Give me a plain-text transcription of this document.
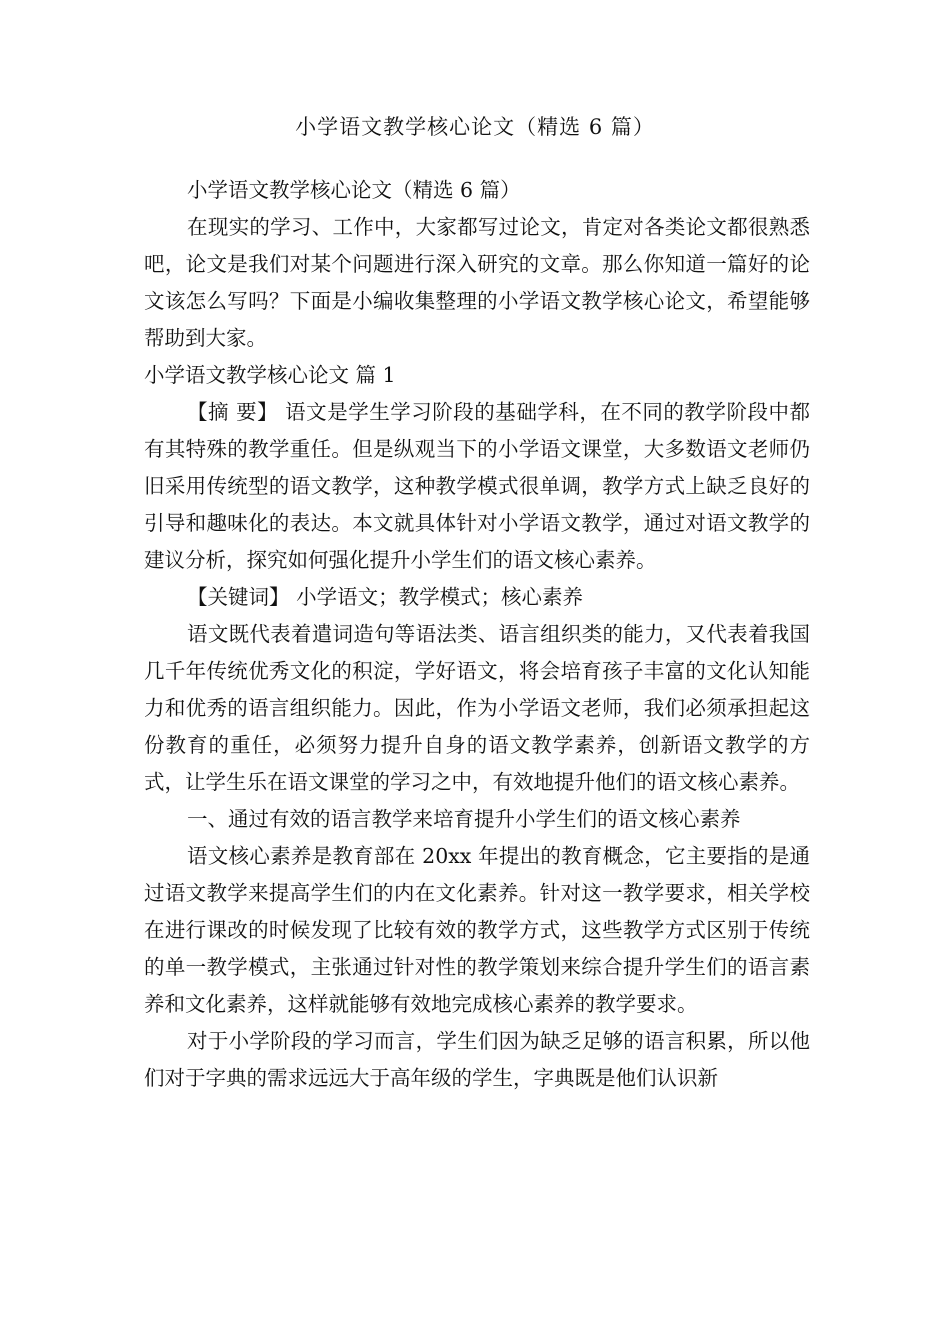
小学语文教学核心论文（精选 6 篇）

小学语文教学核心论文（精选 6 篇）

在现实的学习、工作中，大家都写过论文，肯定对各类论文都很熟悉吧，论文是我们对某个问题进行深入研究的文章。那么你知道一篇好的论文该怎么写吗？下面是小编收集整理的小学语文教学核心论文，希望能够帮助到大家。

小学语文教学核心论文 篇 1

【摘 要】 语文是学生学习阶段的基础学科，在不同的教学阶段中都有其特殊的教学重任。但是纵观当下的小学语文课堂，大多数语文老师仍旧采用传统型的语文教学，这种教学模式很单调，教学方式上缺乏良好的引导和趣味化的表达。本文就具体针对小学语文教学，通过对语文教学的建议分析，探究如何强化提升小学生们的语文核心素养。

【关键词】 小学语文；教学模式；核心素养

语文既代表着遣词造句等语法类、语言组织类的能力，又代表着我国几千年传统优秀文化的积淀，学好语文，将会培育孩子丰富的文化认知能力和优秀的语言组织能力。因此，作为小学语文老师，我们必须承担起这份教育的重任，必须努力提升自身的语文教学素养，创新语文教学的方式，让学生乐在语文课堂的学习之中，有效地提升他们的语文核心素养。

一、通过有效的语言教学来培育提升小学生们的语文核心素养

语文核心素养是教育部在 20xx 年提出的教育概念，它主要指的是通过语文教学来提高学生们的内在文化素养。针对这一教学要求，相关学校在进行课改的时候发现了比较有效的教学方式，这些教学方式区别于传统的单一教学模式，主张通过针对性的教学策划来综合提升学生们的语言素养和文化素养，这样就能够有效地完成核心素养的教学要求。

对于小学阶段的学习而言，学生们因为缺乏足够的语言积累，所以他们对于字典的需求远远大于高年级的学生，字典既是他们认识新
